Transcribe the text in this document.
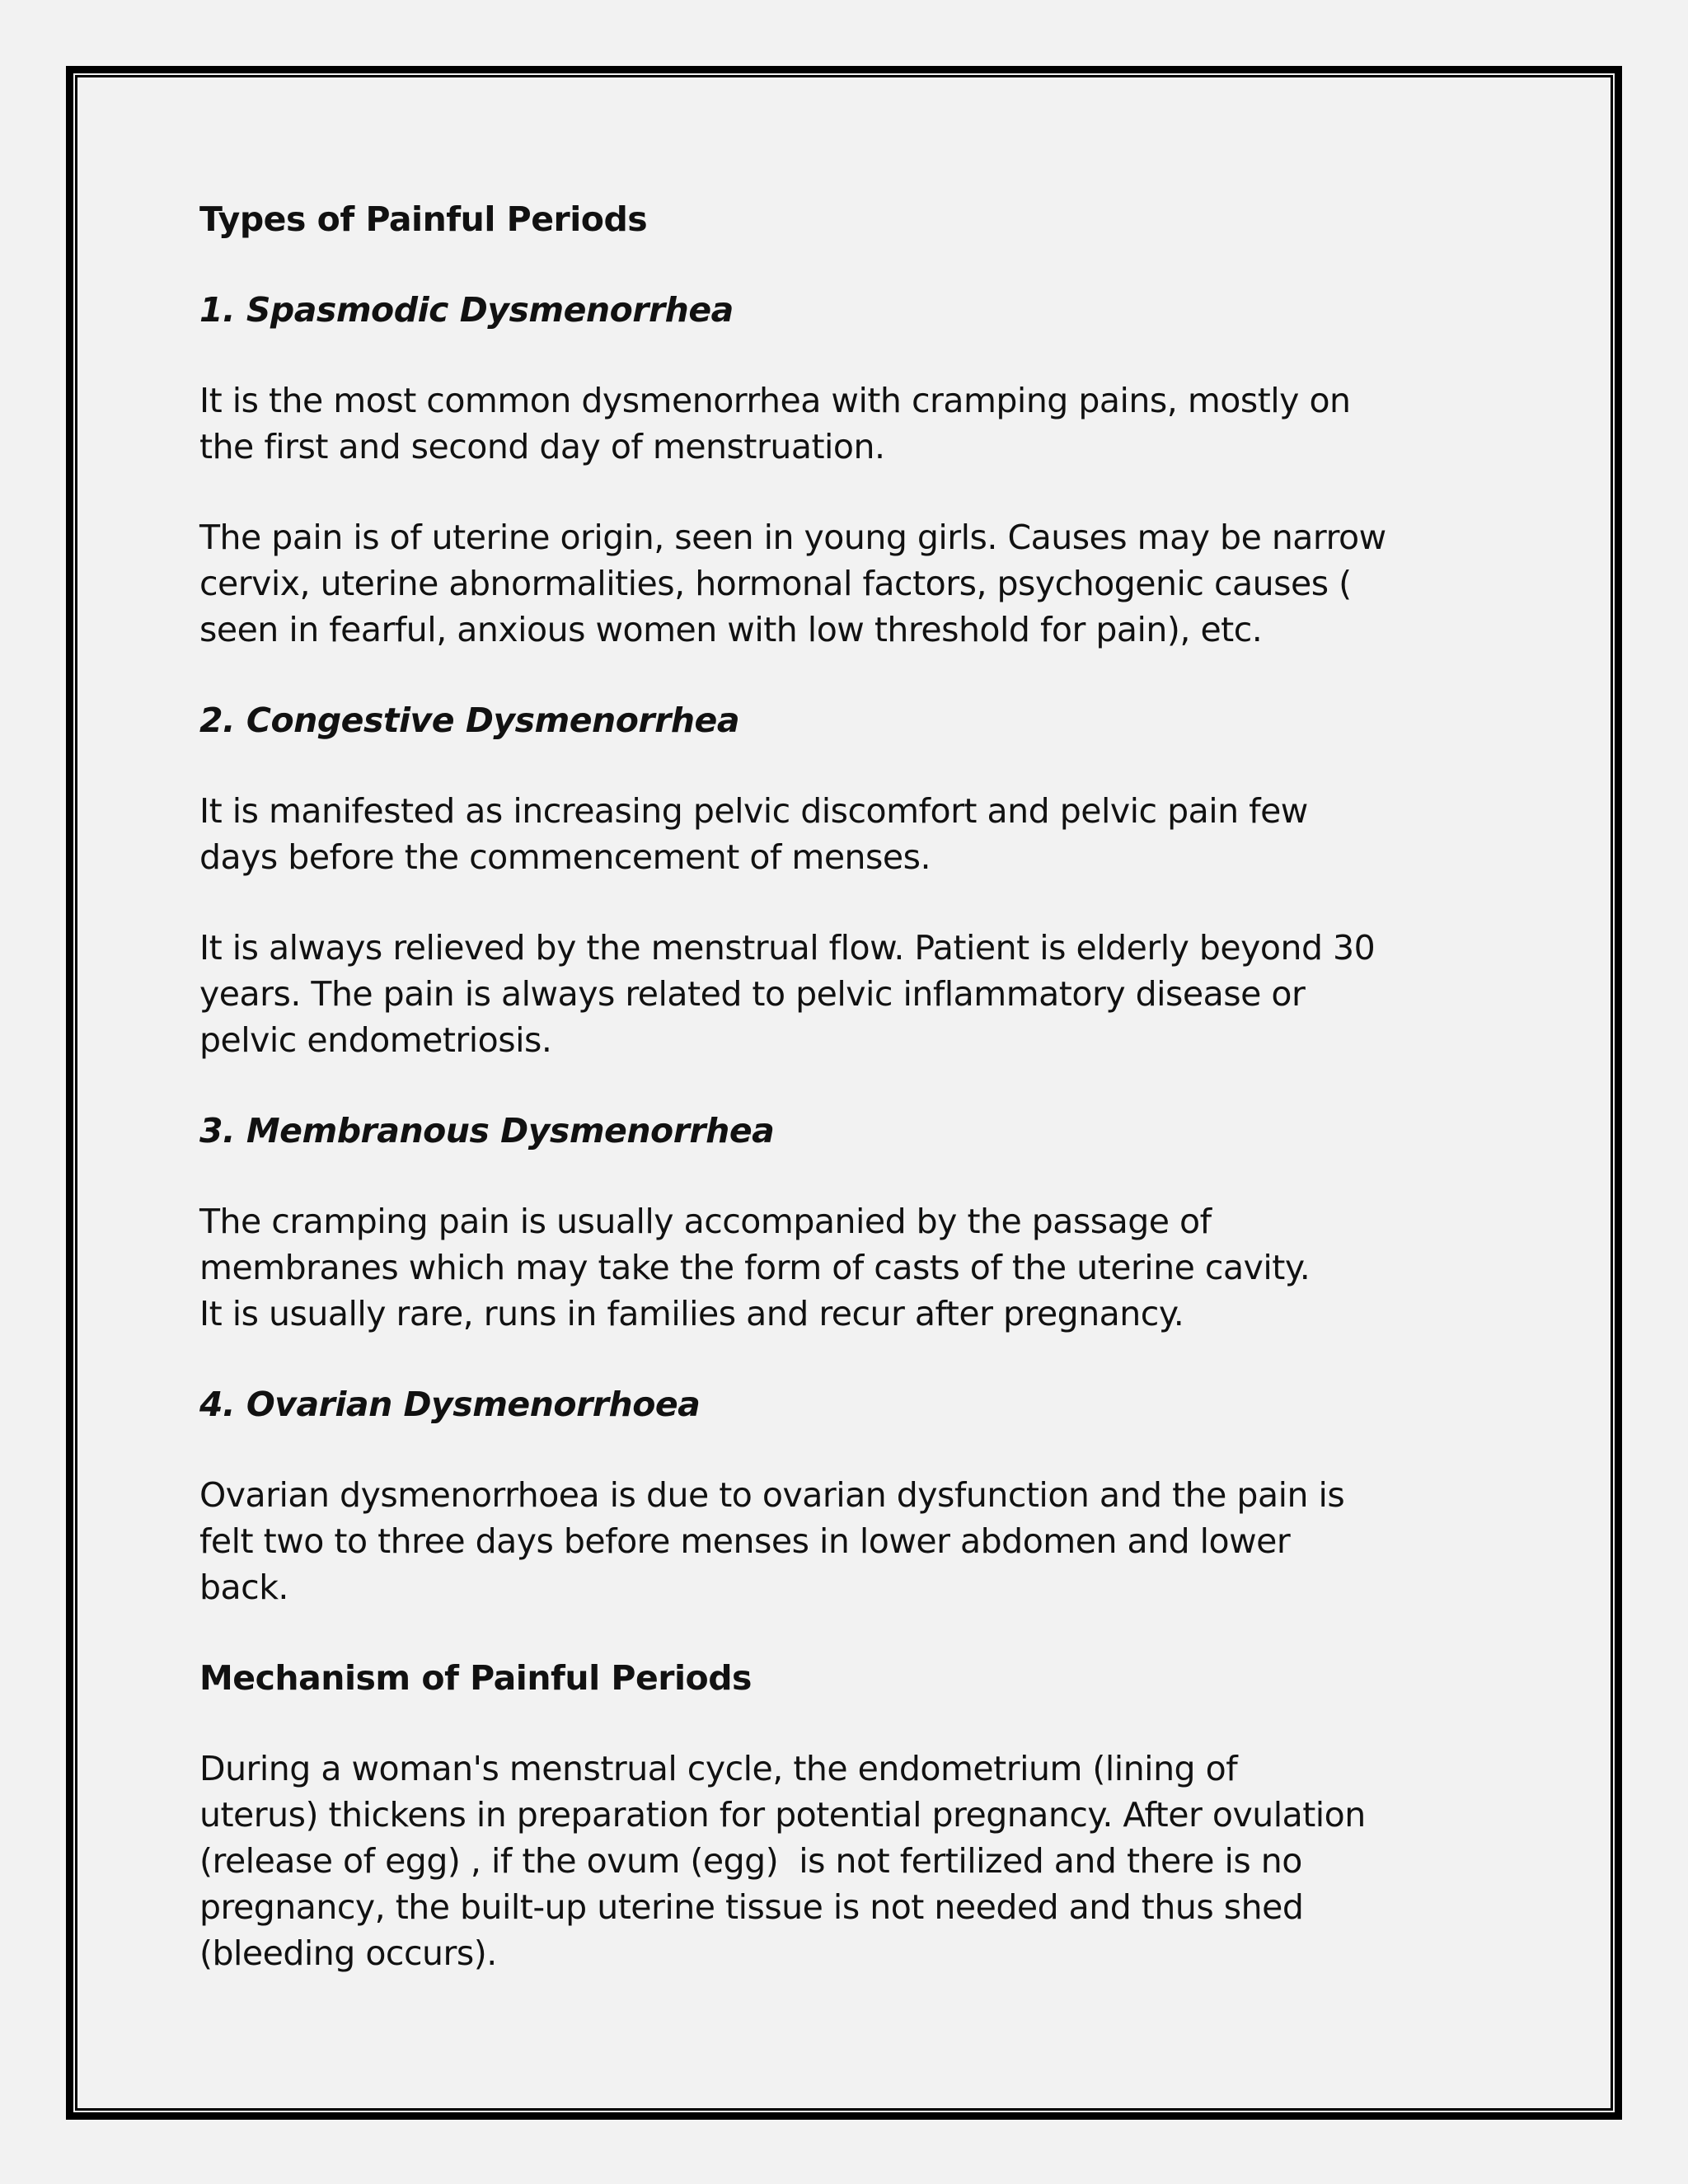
Types of Painful Periods

1. Spasmodic Dysmenorrhea

It is the most common dysmenorrhea with cramping pains, mostly on
the first and second day of menstruation.

The pain is of uterine origin, seen in young girls. Causes may be narrow
cervix, uterine abnormalities, hormonal factors, psychogenic causes (
seen in fearful, anxious women with low threshold for pain), etc.

2. Congestive Dysmenorrhea

It is manifested as increasing pelvic discomfort and pelvic pain few
days before the commencement of menses.

It is always relieved by the menstrual flow. Patient is elderly beyond 30
years. The pain is always related to pelvic inflammatory disease or
pelvic endometriosis.

3. Membranous Dysmenorrhea

The cramping pain is usually accompanied by the passage of
membranes which may take the form of casts of the uterine cavity.
It is usually rare, runs in families and recur after pregnancy.

4. Ovarian Dysmenorrhoea

Ovarian dysmenorrhoea is due to ovarian dysfunction and the pain is
felt two to three days before menses in lower abdomen and lower
back.

Mechanism of Painful Periods

During a woman's menstrual cycle, the endometrium (lining of
uterus) thickens in preparation for potential pregnancy. After ovulation
(release of egg) , if the ovum (egg)  is not fertilized and there is no
pregnancy, the built-up uterine tissue is not needed and thus shed
(bleeding occurs).
